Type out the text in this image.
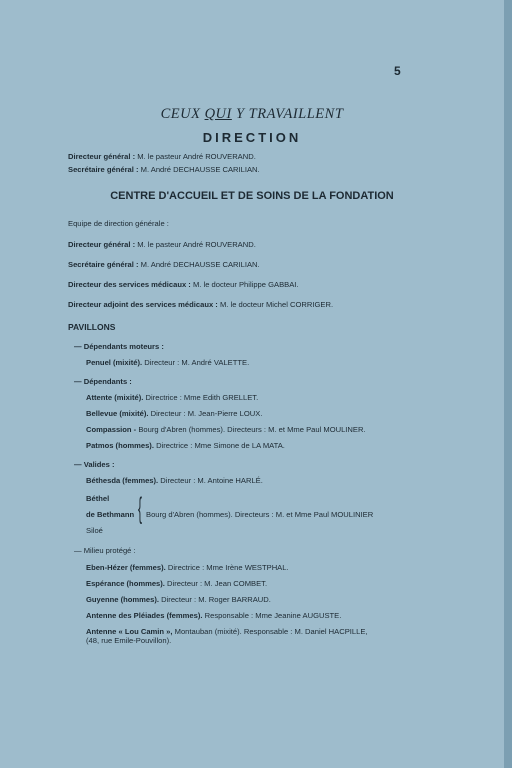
5
CEUX QUI Y TRAVAILLENT
DIRECTION
Directeur général : M. le pasteur André ROUVERAND.
Secrétaire général : M. André DECHAUSSE CARILIAN.
CENTRE D'ACCUEIL ET DE SOINS DE LA FONDATION
Equipe de direction générale :
Directeur général : M. le pasteur André ROUVERAND.
Secrétaire général : M. André DECHAUSSE CARILIAN.
Directeur des services médicaux : M. le docteur Philippe GABBAI.
Directeur adjoint des services médicaux : M. le docteur Michel CORRIGER.
PAVILLONS
— Dépendants moteurs :
Penuel (mixité). Directeur : M. André VALETTE.
— Dépendants :
Attente (mixité). Directrice : Mme Edith GRELLET.
Bellevue (mixité). Directeur : M. Jean-Pierre LOUX.
Compassion - Bourg d'Abren (hommes). Directeurs : M. et Mme Paul MOULINER.
Patmos (hommes). Directrice : Mme Simone de LA MATA.
— Valides :
Béthesda (femmes). Directeur : M. Antoine HARLÉ.
Béthel
de Bethmann
Siloé
{ Bourg d'Abren (hommes). Directeurs : M. et Mme Paul MOULINIER
— Milieu protégé :
Eben-Hézer (femmes). Directrice : Mme Irène WESTPHAL.
Espérance (hommes). Directeur : M. Jean COMBET.
Guyenne (hommes). Directeur : M. Roger BARRAUD.
Antenne des Pléiades (femmes). Responsable : Mme Jeanine AUGUSTE.
Antenne « Lou Camin », Montauban (mixité). Responsable : M. Daniel HACPILLE,
(48, rue Emile-Pouvillon).
